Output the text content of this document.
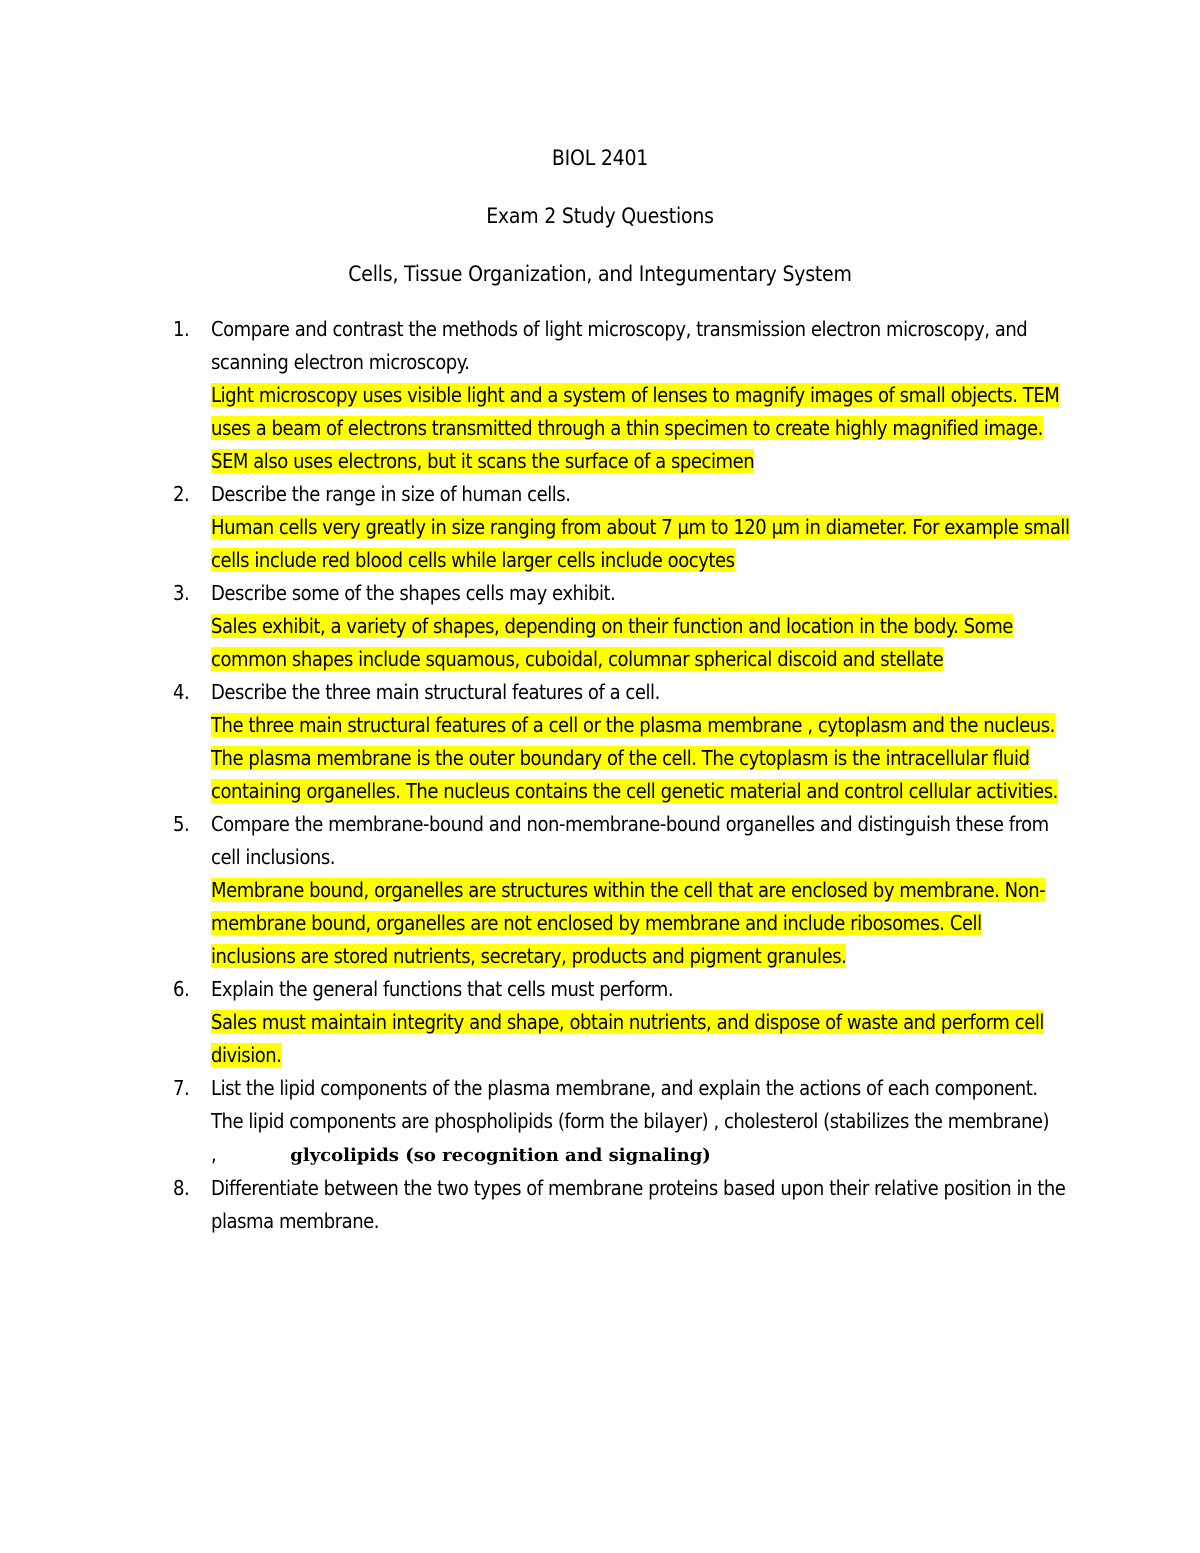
BIOL 2401
Exam 2 Study Questions
Cells, Tissue Organization, and Integumentary System
1. Compare and contrast the methods of light microscopy, transmission electron microscopy, and scanning electron microscopy.
Light microscopy uses visible light and a system of lenses to magnify images of small objects. TEM uses a beam of electrons transmitted through a thin specimen to create highly magnified image. SEM also uses electrons, but it scans the surface of a specimen
2. Describe the range in size of human cells.
Human cells very greatly in size ranging from about 7 µm to 120 µm in diameter. For example small cells include red blood cells while larger cells include oocytes
3. Describe some of the shapes cells may exhibit.
Sales exhibit, a variety of shapes, depending on their function and location in the body. Some common shapes include squamous, cuboidal, columnar spherical discoid and stellate
4. Describe the three main structural features of a cell.
The three main structural features of a cell or the plasma membrane , cytoplasm and the nucleus. The plasma membrane is the outer boundary of the cell. The cytoplasm is the intracellular fluid containing organelles. The nucleus contains the cell genetic material and control cellular activities.
5. Compare the membrane-bound and non-membrane-bound organelles and distinguish these from cell inclusions.
Membrane bound, organelles are structures within the cell that are enclosed by membrane. Non-membrane bound, organelles are not enclosed by membrane and include ribosomes. Cell inclusions are stored nutrients, secretary, products and pigment granules.
6. Explain the general functions that cells must perform.
Sales must maintain integrity and shape, obtain nutrients, and dispose of waste and perform cell division.
7. List the lipid components of the plasma membrane, and explain the actions of each component.
The lipid components are phospholipids (form the bilayer) , cholesterol (stabilizes the membrane) ,	glycolipids (so recognition and signaling)
8. Differentiate between the two types of membrane proteins based upon their relative position in the plasma membrane.
